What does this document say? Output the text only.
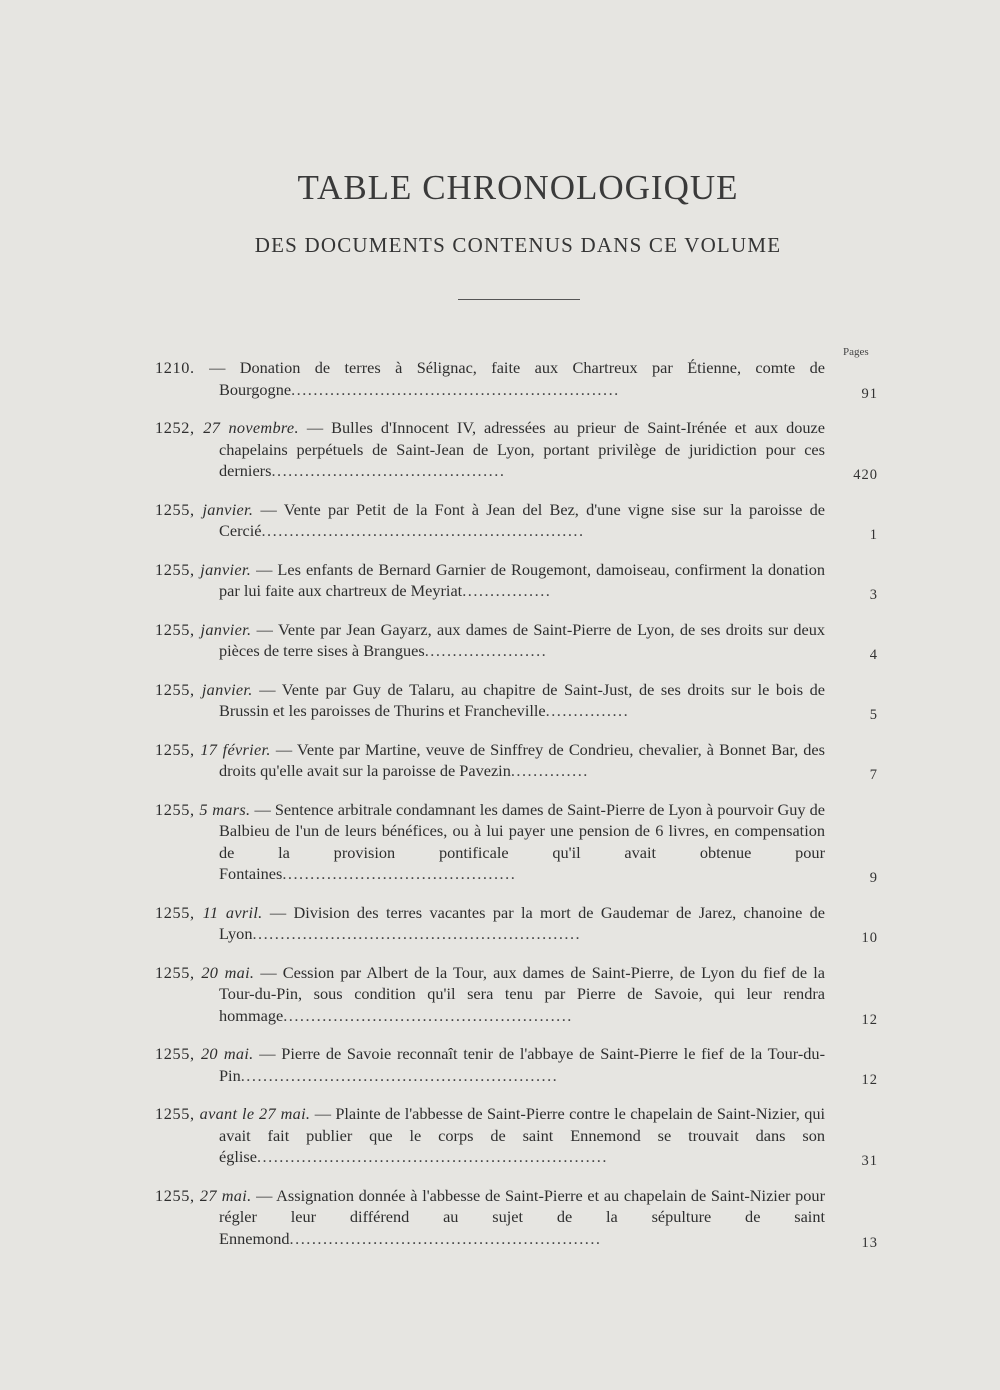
TABLE CHRONOLOGIQUE
DES DOCUMENTS CONTENUS DANS CE VOLUME
Pages
1210. — Donation de terres à Sélignac, faite aux Chartreux par Étienne, comte de Bourgogne...........................................................	91
1252, 27 novembre. — Bulles d'Innocent IV, adressées au prieur de Saint-Irénée et aux douze chapelains perpétuels de Saint-Jean de Lyon, portant privilège de juridiction pour ces derniers..........................................	420
1255, janvier. — Vente par Petit de la Font à Jean del Bez, d'une vigne sise sur la paroisse de Cercié..........................................................	1
1255, janvier. — Les enfants de Bernard Garnier de Rougemont, damoiseau, confirment la donation par lui faite aux chartreux de Meyriat................	3
1255, janvier. — Vente par Jean Gayarz, aux dames de Saint-Pierre de Lyon, de ses droits sur deux pièces de terre sises à Brangues......................	4
1255, janvier. — Vente par Guy de Talaru, au chapitre de Saint-Just, de ses droits sur le bois de Brussin et les paroisses de Thurins et Francheville...............	5
1255, 17 février. — Vente par Martine, veuve de Sinffrey de Condrieu, chevalier, à Bonnet Bar, des droits qu'elle avait sur la paroisse de Pavezin..............	7
1255, 5 mars. — Sentence arbitrale condamnant les dames de Saint-Pierre de Lyon à pourvoir Guy de Balbieu de l'un de leurs bénéfices, ou à lui payer une pension de 6 livres, en compensation de la provision pontificale qu'il avait obtenue pour Fontaines..........................................	9
1255, 11 avril. — Division des terres vacantes par la mort de Gaudemar de Jarez, chanoine de Lyon...........................................................	10
1255, 20 mai. — Cession par Albert de la Tour, aux dames de Saint-Pierre, de Lyon du fief de la Tour-du-Pin, sous condition qu'il sera tenu par Pierre de Savoie, qui leur rendra hommage....................................................	12
1255, 20 mai. — Pierre de Savoie reconnaît tenir de l'abbaye de Saint-Pierre le fief de la Tour-du-Pin.........................................................	12
1255, avant le 27 mai. — Plainte de l'abbesse de Saint-Pierre contre le chapelain de Saint-Nizier, qui avait fait publier que le corps de saint Ennemond se trouvait dans son église...............................................................	31
1255, 27 mai. — Assignation donnée à l'abbesse de Saint-Pierre et au chapelain de Saint-Nizier pour régler leur différend au sujet de la sépulture de saint Ennemond........................................................	13
